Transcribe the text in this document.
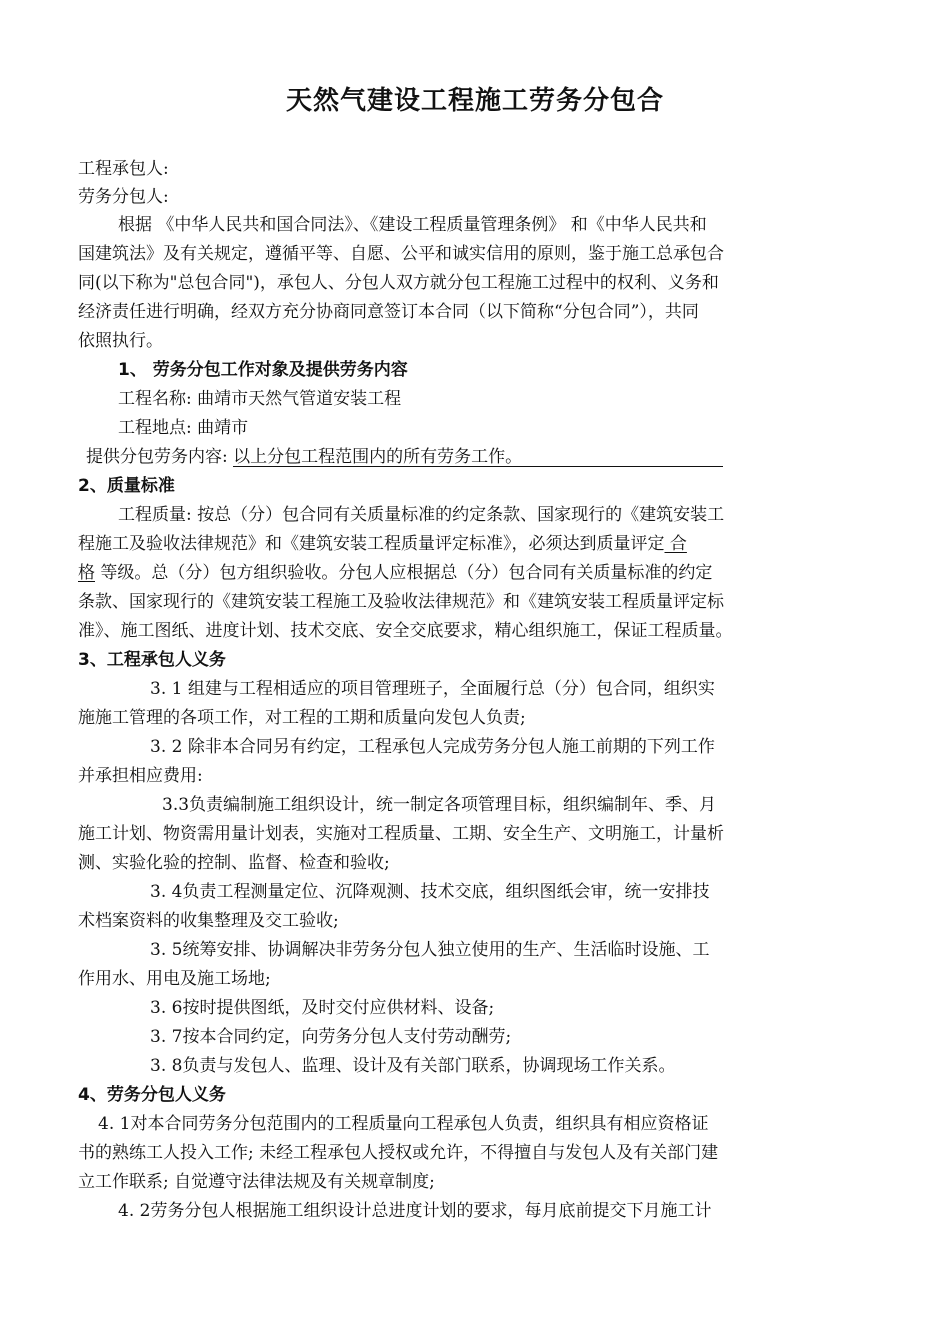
天然气建设工程施工劳务分包合
工程承包人:
劳务分包人:
根据 《中华人民共和国合同法》、《建设工程质量管理条例》 和《中华人民共和
国建筑法》及有关规定，遵循平等、自愿、公平和诚实信用的原则，鉴于施工总承包合
同(以下称为"总包合同")，承包人、分包人双方就分包工程施工过程中的权利、义务和
经济责任进行明确，经双方充分协商同意签订本合同（以下简称“分包合同”），共同
依照执行。
1、 劳务分包工作对象及提供劳务内容
工程名称: 曲靖市天然气管道安装工程
工程地点: 曲靖市
提供分包劳务内容: 以上分包工程范围内的所有劳务工作。
2、质量标准
工程质量: 按总（分）包合同有关质量标准的约定条款、国家现行的《建筑安装工
程施工及验收法律规范》和《建筑安装工程质量评定标准》，必须达到质量评定 合
格 等级。总（分）包方组织验收。分包人应根据总（分）包合同有关质量标准的约定
条款、国家现行的《建筑安装工程施工及验收法律规范》和《建筑安装工程质量评定标
准》、施工图纸、进度计划、技术交底、安全交底要求，精心组织施工，保证工程质量。
3、工程承包人义务
3. 1 组建与工程相适应的项目管理班子，全面履行总（分）包合同，组织实
施施工管理的各项工作，对工程的工期和质量向发包人负责;
3. 2 除非本合同另有约定，工程承包人完成劳务分包人施工前期的下列工作
并承担相应费用:
3.3负责编制施工组织设计，统一制定各项管理目标，组织编制年、季、月
施工计划、物资需用量计划表，实施对工程质量、工期、安全生产、文明施工，计量析
测、实验化验的控制、监督、检查和验收;
3. 4负责工程测量定位、沉降观测、技术交底，组织图纸会审，统一安排技
术档案资料的收集整理及交工验收;
3. 5统筹安排、协调解决非劳务分包人独立使用的生产、生活临时设施、工
作用水、用电及施工场地;
3. 6按时提供图纸，及时交付应供材料、设备;
3. 7按本合同约定，向劳务分包人支付劳动酬劳;
3. 8负责与发包人、监理、设计及有关部门联系，协调现场工作关系。
4、劳务分包人义务
4. 1对本合同劳务分包范围内的工程质量向工程承包人负责，组织具有相应资格证
书的熟练工人投入工作; 未经工程承包人授权或允许，不得擅自与发包人及有关部门建
立工作联系; 自觉遵守法律法规及有关规章制度;
4. 2劳务分包人根据施工组织设计总进度计划的要求，每月底前提交下月施工计
